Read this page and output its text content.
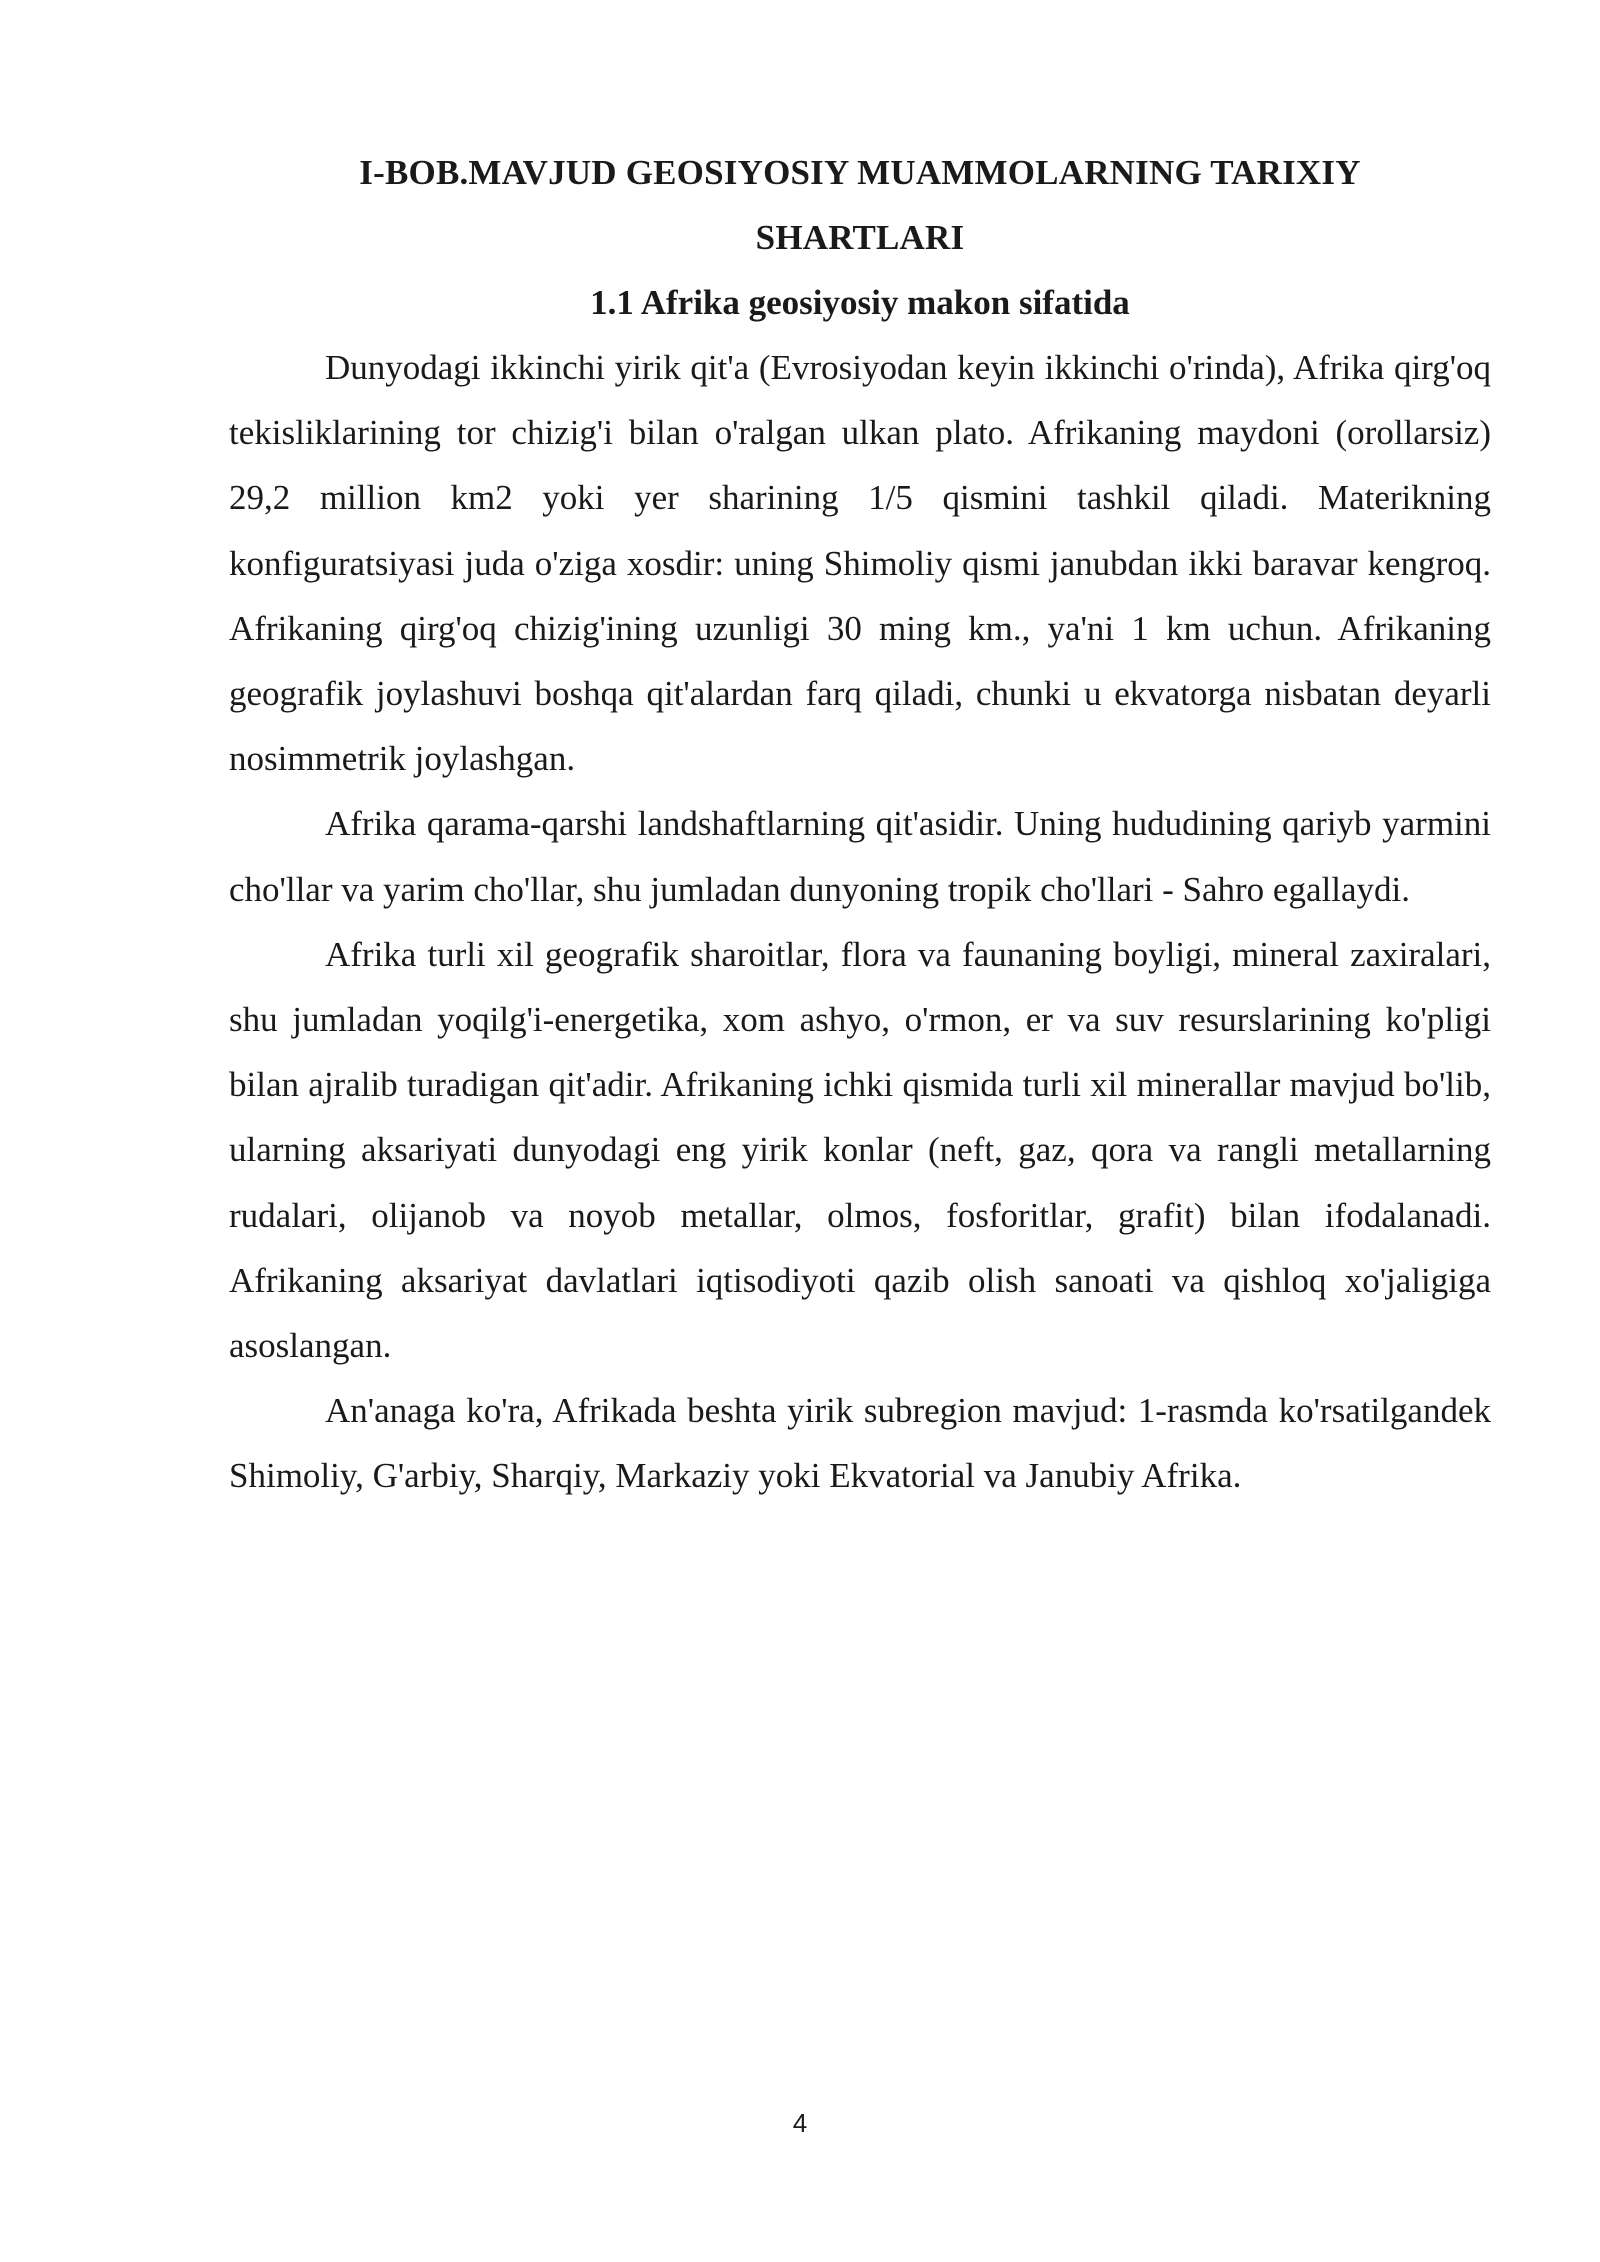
I-BOB.MAVJUD GEOSIYOSIY MUAMMOLARNING TARIXIY
SHARTLARI
1.1 Afrika geosiyosiy makon sifatida

Dunyodagi ikkinchi yirik qit'a (Evrosiyodan keyin ikkinchi o'rinda), Afrika qirg'oq tekisliklarining tor chizig'i bilan o'ralgan ulkan plato. Afrikaning maydoni (orollarsiz) 29,2 million km2 yoki yer sharining 1/5 qismini tashkil qiladi. Materikning konfiguratsiyasi juda o'ziga xosdir: uning Shimoliy qismi janubdan ikki baravar kengroq. Afrikaning qirg'oq chizig'ining uzunligi 30 ming km., ya'ni 1 km uchun. Afrikaning geografik joylashuvi boshqa qit'alardan farq qiladi, chunki u ekvatorga nisbatan deyarli nosimmetrik joylashgan.

Afrika qarama-qarshi landshaftlarning qit'asidir. Uning hududining qariyb yarmini cho'llar va yarim cho'llar, shu jumladan dunyoning tropik cho'llari - Sahro egallaydi.

Afrika turli xil geografik sharoitlar, flora va faunaning boyligi, mineral zaxiralari, shu jumladan yoqilg'i-energetika, xom ashyo, o'rmon, er va suv resurslarining ko'pligi bilan ajralib turadigan qit'adir. Afrikaning ichki qismida turli xil minerallar mavjud bo'lib, ularning aksariyati dunyodagi eng yirik konlar (neft, gaz, qora va rangli metallarning rudalari, olijanob va noyob metallar, olmos, fosforitlar, grafit) bilan ifodalanadi. Afrikaning aksariyat davlatlari iqtisodiyoti qazib olish sanoati va qishloq xo'jaligiga asoslangan.

An'anaga ko'ra, Afrikada beshta yirik subregion mavjud: 1-rasmda ko'rsatilgandek Shimoliy, G'arbiy, Sharqiy, Markaziy yoki Ekvatorial va Janubiy Afrika.

4
